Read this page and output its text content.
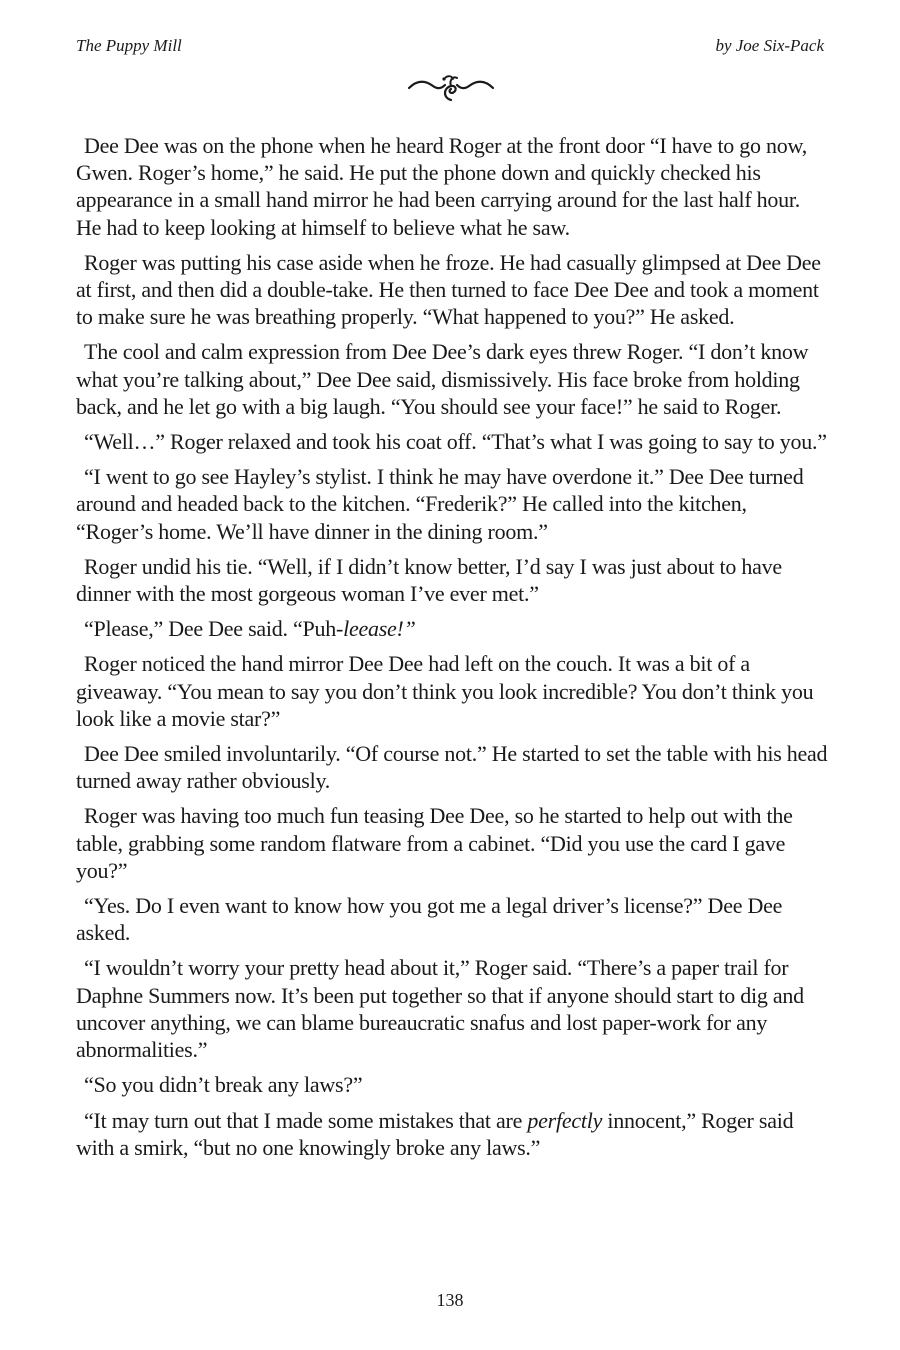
The Puppy Mill	by Joe Six-Pack

Dee Dee was on the phone when he heard Roger at the front door “I have to go now, Gwen. Roger’s home,” he said. He put the phone down and quickly checked his appearance in a small hand mirror he had been carrying around for the last half hour. He had to keep looking at himself to believe what he saw.

Roger was putting his case aside when he froze. He had casually glimpsed at Dee Dee at first, and then did a double-take. He then turned to face Dee Dee and took a moment to make sure he was breathing properly. “What happened to you?” He asked.

The cool and calm expression from Dee Dee’s dark eyes threw Roger. “I don’t know what you’re talking about,” Dee Dee said, dismissively. His face broke from holding back, and he let go with a big laugh. “You should see your face!” he said to Roger.

“Well…” Roger relaxed and took his coat off. “That’s what I was going to say to you.”

“I went to go see Hayley’s stylist. I think he may have overdone it.” Dee Dee turned around and headed back to the kitchen. “Frederik?” He called into the kitchen, “Roger’s home. We’ll have dinner in the dining room.”

Roger undid his tie. “Well, if I didn’t know better, I’d say I was just about to have dinner with the most gorgeous woman I’ve ever met.”

“Please,” Dee Dee said. “Puh-leease!”

Roger noticed the hand mirror Dee Dee had left on the couch. It was a bit of a giveaway. “You mean to say you don’t think you look incredible? You don’t think you look like a movie star?”

Dee Dee smiled involuntarily. “Of course not.” He started to set the table with his head turned away rather obviously.

Roger was having too much fun teasing Dee Dee, so he started to help out with the table, grabbing some random flatware from a cabinet. “Did you use the card I gave you?”

“Yes. Do I even want to know how you got me a legal driver’s license?” Dee Dee asked.

“I wouldn’t worry your pretty head about it,” Roger said. “There’s a paper trail for Daphne Summers now. It’s been put together so that if anyone should start to dig and uncover anything, we can blame bureaucratic snafus and lost paper-work for any abnormalities.”

“So you didn’t break any laws?”

“It may turn out that I made some mistakes that are perfectly innocent,” Roger said with a smirk, “but no one knowingly broke any laws.”

138
